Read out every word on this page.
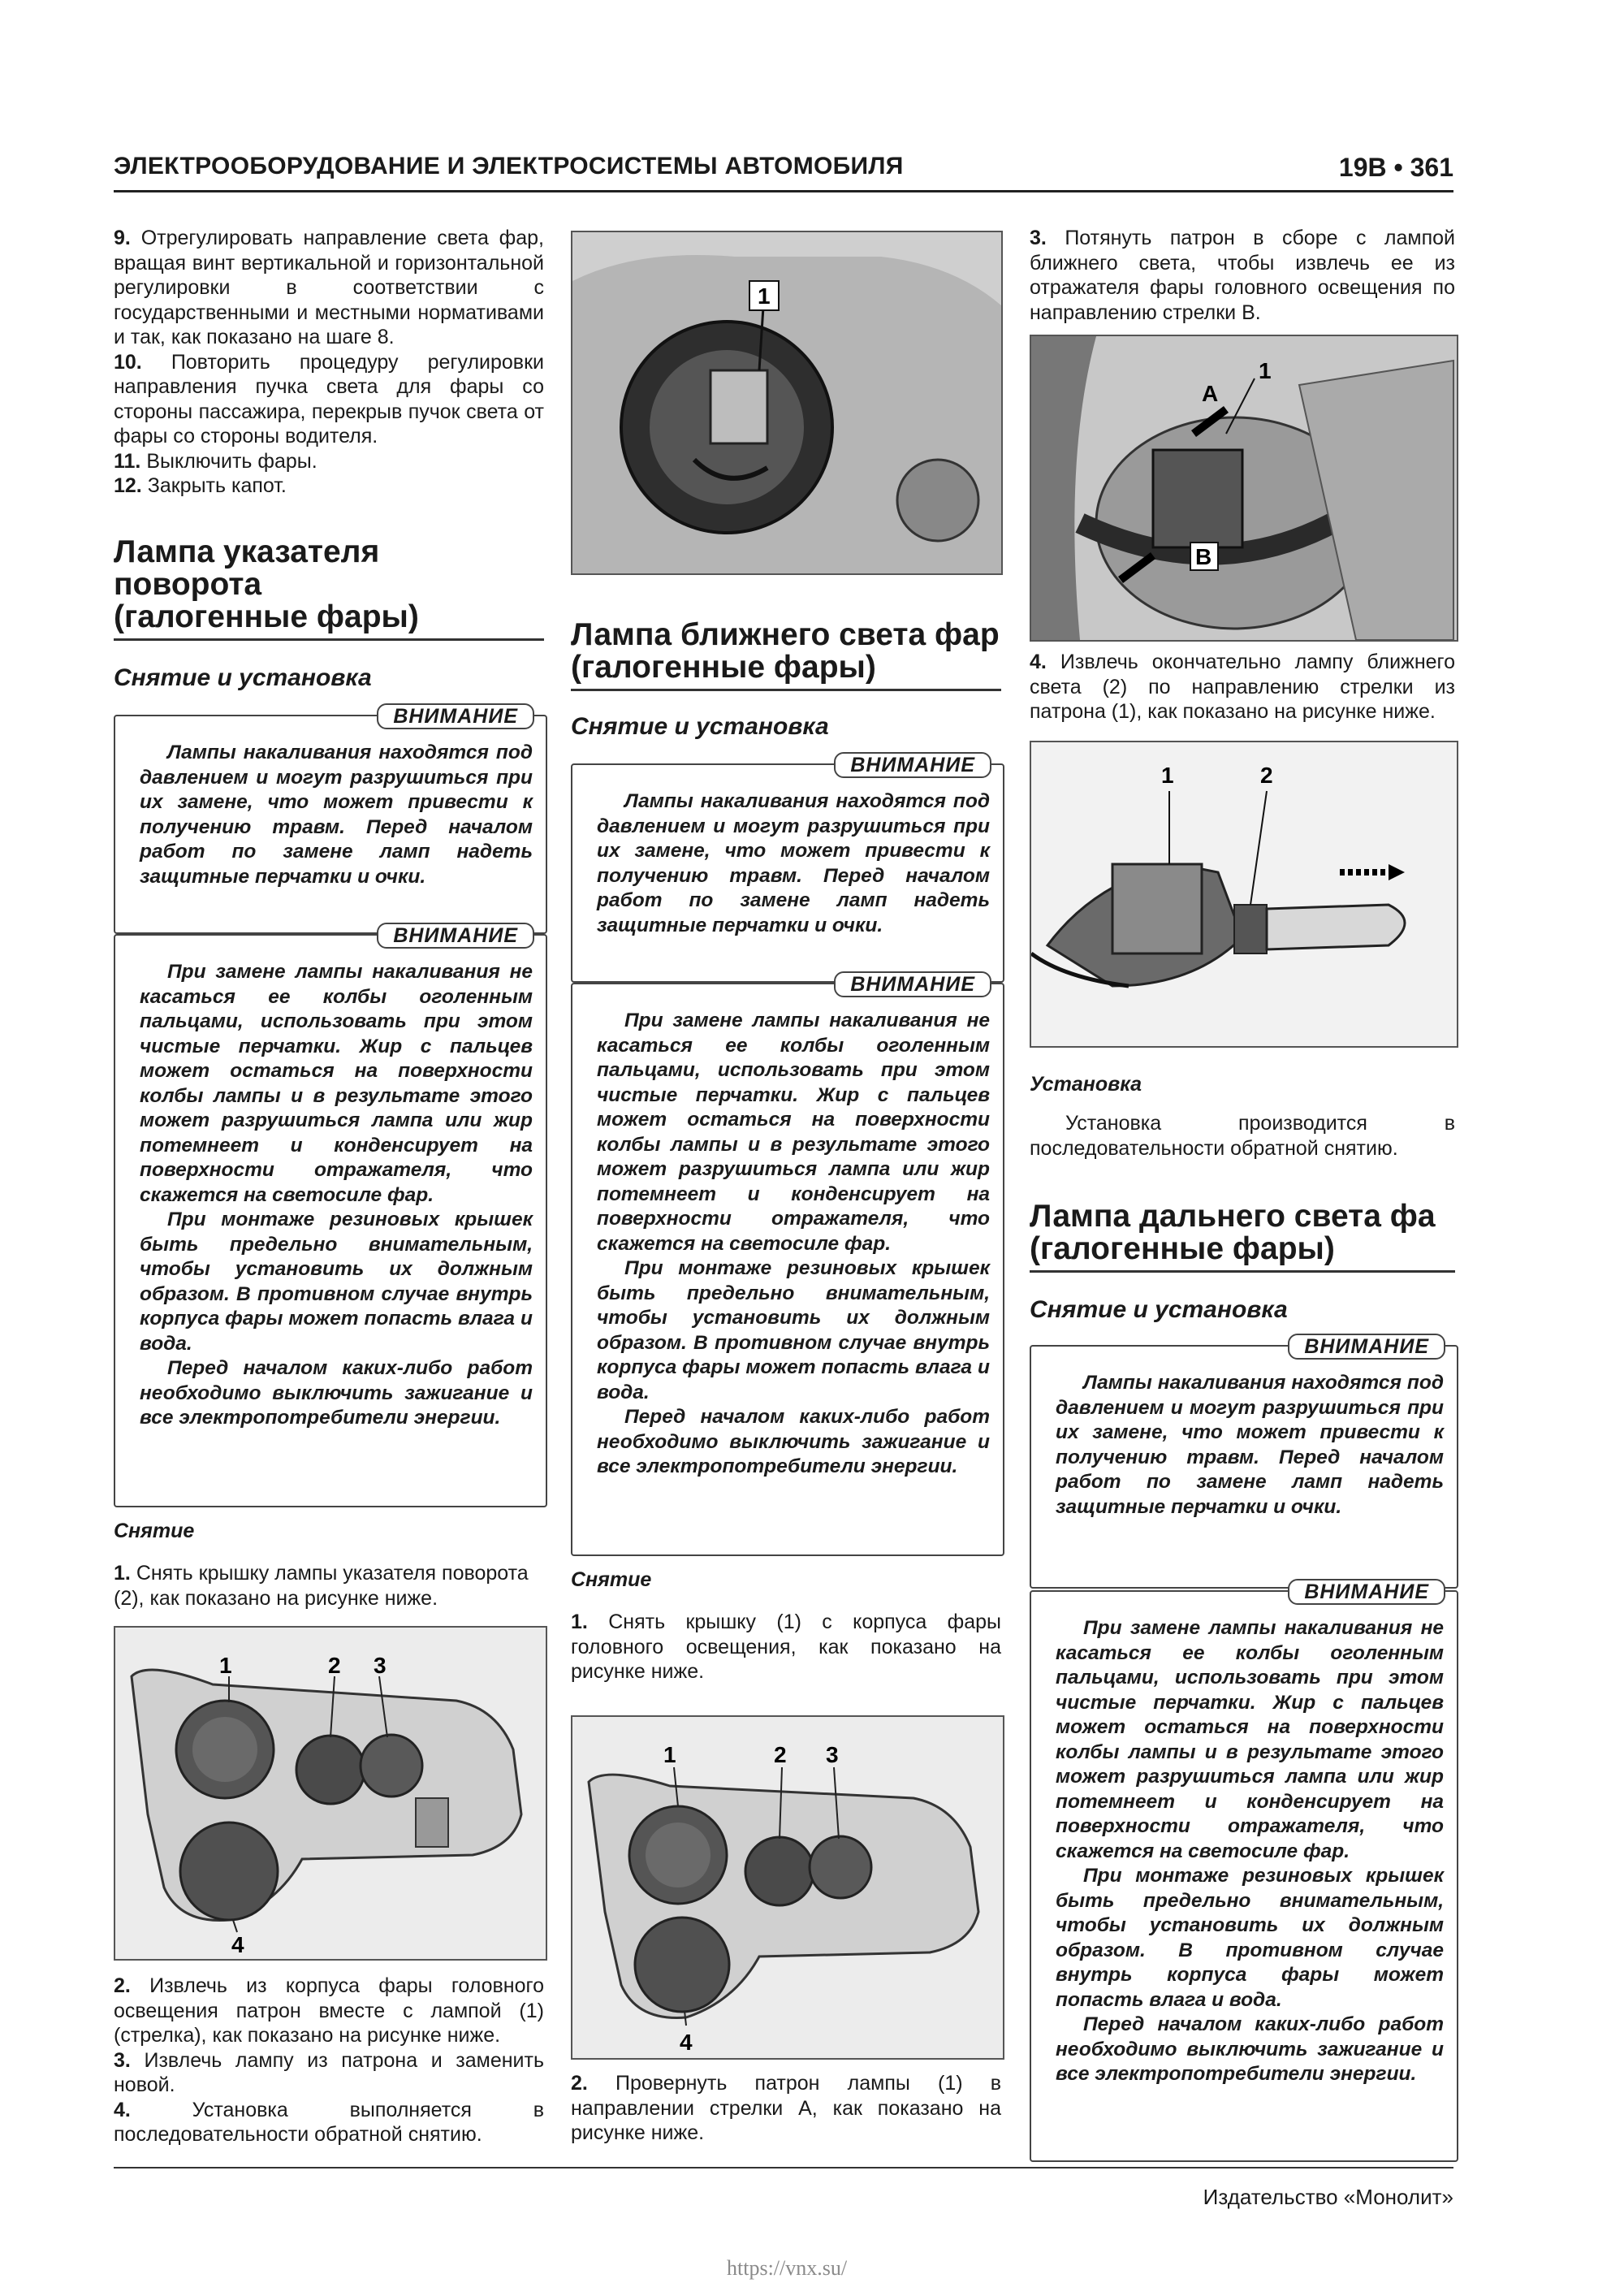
ЭЛЕКТРООБОРУДОВАНИЕ И ЭЛЕКТРОСИСТЕМЫ АВТОМОБИЛЯ	19В • 361

9. Отрегулировать направление света фар, вращая винт вертикальной и горизонтальной регулировки в соответствии с государственными и местными нормативами и так, как показано на шаге 8.

10. Повторить процедуру регулировки направления пучка света для фары со стороны пассажира, перекрыв пучок света от фары со стороны водителя.

11. Выключить фары.

12. Закрыть капот.

Лампа указателя поворота (галогенные фары)

Снятие и установка

ВНИМАНИЕ

Лампы накаливания находятся под давлением и могут разрушиться при их замене, что может привести к получению травм. Перед началом работ по замене ламп надеть защитные перчатки и очки.

ВНИМАНИЕ

При замене лампы накаливания не касаться ее колбы оголенным пальцами, использовать при этом чистые перчатки. Жир с пальцев может остаться на поверхности колбы лампы и в результате этого может разрушиться лампа или жир потемнеет и конденсирует на поверхности отражателя, что скажется на светосиле фар.

При монтаже резиновых крышек быть предельно внимательным, чтобы установить их должным образом. В противном случае внутрь корпуса фары может попасть влага и вода.

Перед началом каких-либо работ необходимо выключить зажигание и все электропотребители энергии.

Снятие

1. Снять крышку лампы указателя поворота (2), как показано на рисунке ниже.

1	2 3
4

2. Извлечь из корпуса фары головного освещения патрон вместе с лампой (1) (стрелка), как показано на рисунке ниже.

3. Извлечь лампу из патрона и заменить новой.

4.	Установка выполняется в последовательности обратной снятию.

1

Лампа ближнего света фар (галогенные фары)

Снятие и установка

ВНИМАНИЕ

Лампы накаливания находятся под давлением и могут разрушиться при их замене, что может привести к получению травм. Перед началом работ по замене ламп надеть защитные перчатки и очки.

ВНИМАНИЕ

При замене лампы накаливания не касаться ее колбы оголенным пальцами, использовать при этом чистые перчатки. Жир с пальцев может остаться на поверхности колбы лампы и в результате этого может разрушиться лампа или жир потемнеет и конденсирует на поверхности отражателя, что скажется на светосиле фар.

При монтаже резиновых крышек быть предельно внимательным, чтобы установить их должным образом. В противном случае внутрь корпуса фары может попасть влага и вода.

Перед началом каких-либо работ необходимо выключить зажигание и все электропотребители энергии.

Снятие

1. Снять крышку (1) с корпуса фары головного освещения, как показано на рисунке ниже.

1	2 3
4

2. Провернуть патрон лампы (1) в направлении стрелки А, как показано на рисунке ниже.

3. Потянуть патрон в сборе с лампой ближнего света, чтобы извлечь ее из отражателя фары головного освещения по направлению стрелки В.

1
A
B

4. Извлечь окончательно лампу ближнего света (2) по направлению стрелки из патрона (1), как показано на рисунке ниже.

1	2

Установка

Установка производится в последовательности обратной снятию.

Лампа дальнего света фа (галогенные фары)

Снятие и установка

ВНИМАНИЕ

Лампы накаливания находятся под давлением и могут разрушиться при их замене, что может привести к получению травм. Перед началом работ по замене ламп надеть защитные перчатки и очки.

ВНИМАНИЕ

При замене лампы накаливания не касаться ее колбы оголенным пальцами, использовать при этом чистые перчатки. Жир с пальцев может остаться на поверхности колбы лампы и в результате этого может разрушиться лампа или жир потемнеет и конденсирует на поверхности отражателя, что скажется на светосиле фар.

При монтаже резиновых крышек быть предельно внимательным, чтобы установить их должным образом. В противном случае внутрь корпуса фары может попасть влага и вода.

Перед началом каких-либо работ необходимо выключить зажигание и все электропотребители энергии.

Издательство «Монолит»
https://vnx.su/
